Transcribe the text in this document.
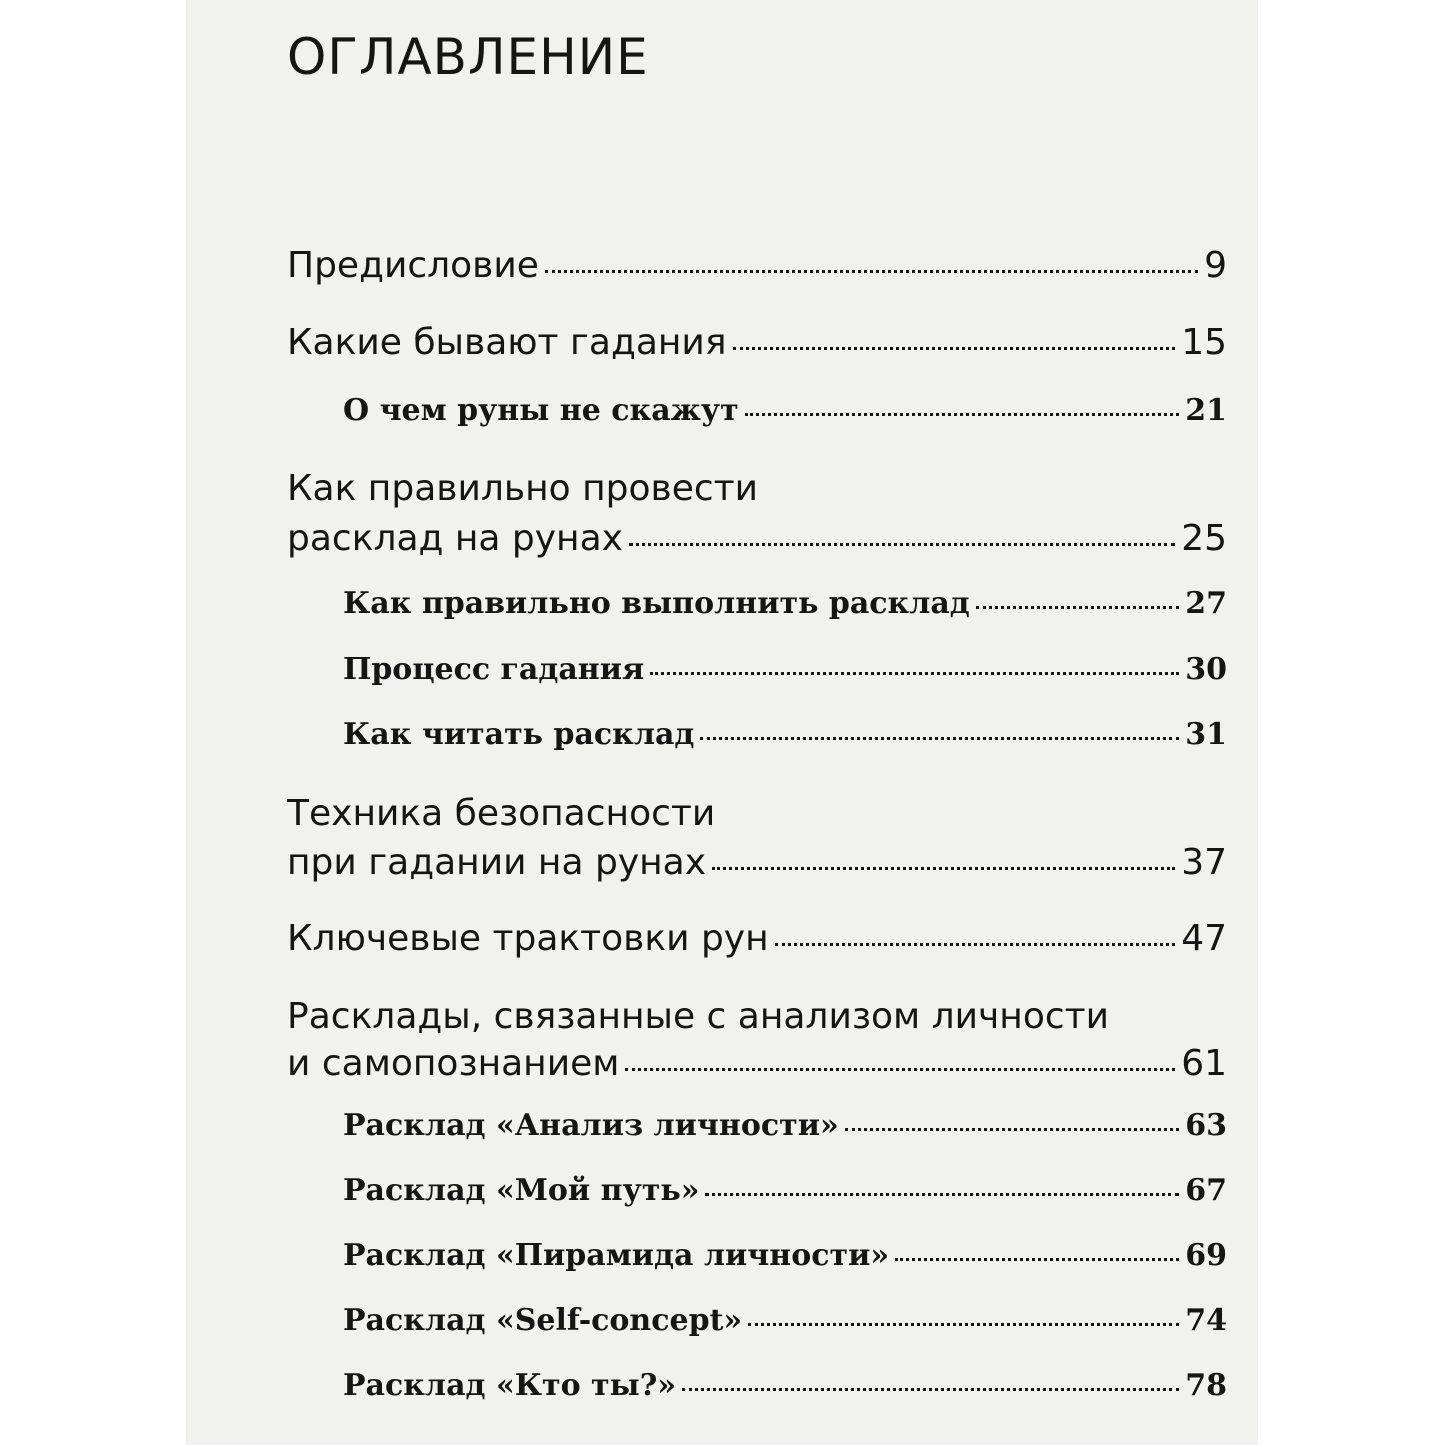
ОГЛАВЛЕНИЕ
Предисловие	9
Какие бывают гадания	15
О чем руны не скажут	21
Как правильно провести
расклад на рунах	25
Как правильно выполнить расклад	27
Процесс гадания	30
Как читать расклад	31
Техника безопасности
при гадании на рунах	37
Ключевые трактовки рун	47
Расклады, связанные с анализом личности
и самопознанием	61
Расклад «Анализ личности»	63
Расклад «Мой путь»	67
Расклад «Пирамида личности»	69
Расклад «Self-concept»	74
Расклад «Кто ты?»	78
